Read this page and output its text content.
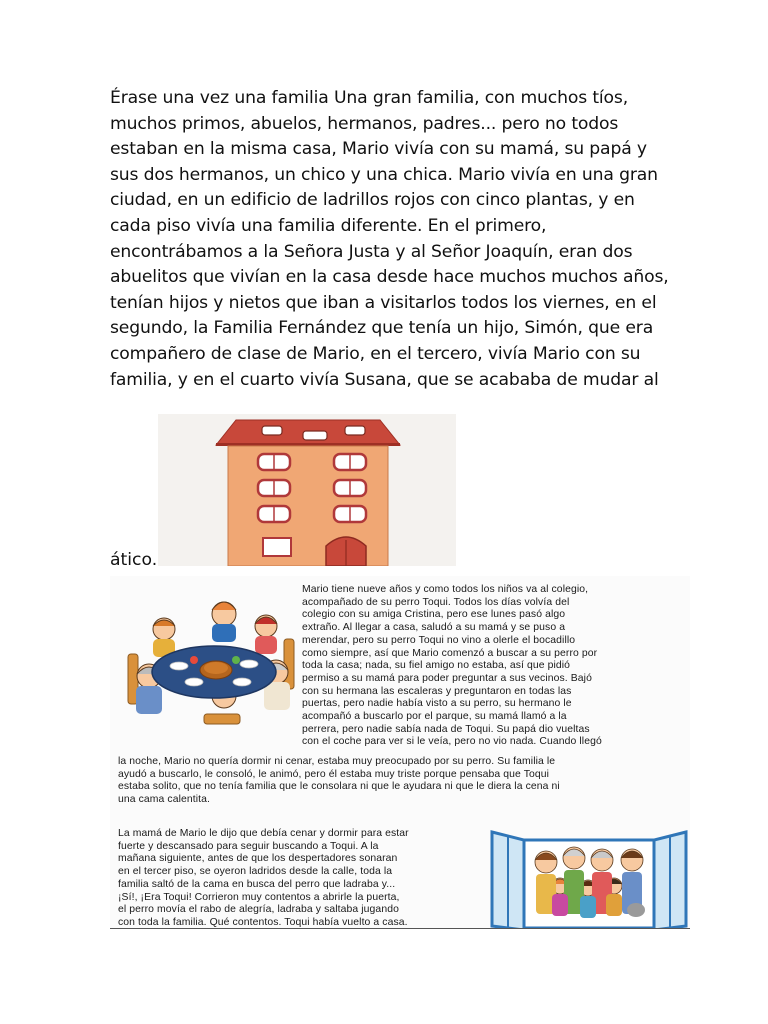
Érase una vez una familia Una gran familia, con muchos tíos,
muchos primos, abuelos, hermanos, padres... pero no todos
estaban en la misma casa, Mario vivía con su mamá, su papá y
sus dos hermanos, un chico y una chica. Mario vivía en una gran
ciudad, en un edificio de ladrillos rojos con cinco plantas, y en
cada piso vivía una familia diferente. En el primero,
encontrábamos a la Señora Justa y al Señor Joaquín, eran dos
abuelitos que vivían en la casa desde hace muchos muchos años,
tenían hijos y nietos que iban a visitarlos todos los viernes, en el
segundo, la Familia Fernández que tenía un hijo, Simón, que era
compañero de clase de Mario, en el tercero, vivía Mario con su
familia, y en el cuarto vivía Susana, que se acababa de mudar al

ático.
Mario tiene nueve años y como todos los niños va al colegio,
acompañado de su perro Toqui. Todos los días volvía del
colegio con su amiga Cristina, pero ese lunes pasó algo
extraño. Al llegar a casa, saludó a su mamá y se puso a
merendar, pero su perro Toqui no vino a olerle el bocadillo
como siempre, así que Mario comenzó a buscar a su perro por
toda la casa; nada, su fiel amigo no estaba, así que pidió
permiso a su mamá para poder preguntar a sus vecinos. Bajó
con su hermana las escaleras y preguntaron en todas las
puertas, pero nadie había visto a su perro, su hermano le
acompañó a buscarlo por el parque, su mamá llamó a la
perrera, pero nadie sabía nada de Toqui. Su papá dio vueltas
con el coche para ver si le veía, pero no vio nada. Cuando llegó
la noche, Mario no quería dormir ni cenar, estaba muy preocupado por su perro. Su familia le
ayudó a buscarlo, le consoló, le animó, pero él estaba muy triste porque pensaba que Toqui
estaba solito, que no tenía familia que le consolara ni que le ayudara ni que le diera la cena ni
una cama calentita.
La mamá de Mario le dijo que debía cenar y dormir para estar
fuerte y descansado para seguir buscando a Toqui. A la
mañana siguiente, antes de que los despertadores sonaran
en el tercer piso, se oyeron ladridos desde la calle, toda la
familia saltó de la cama en busca del perro que ladraba y...
¡Sí!, ¡Era Toqui! Corrieron muy contentos a abrirle la puerta,
el perro movía el rabo de alegría, ladraba y saltaba jugando
con toda la familia. Qué contentos. Toqui había vuelto a casa.
